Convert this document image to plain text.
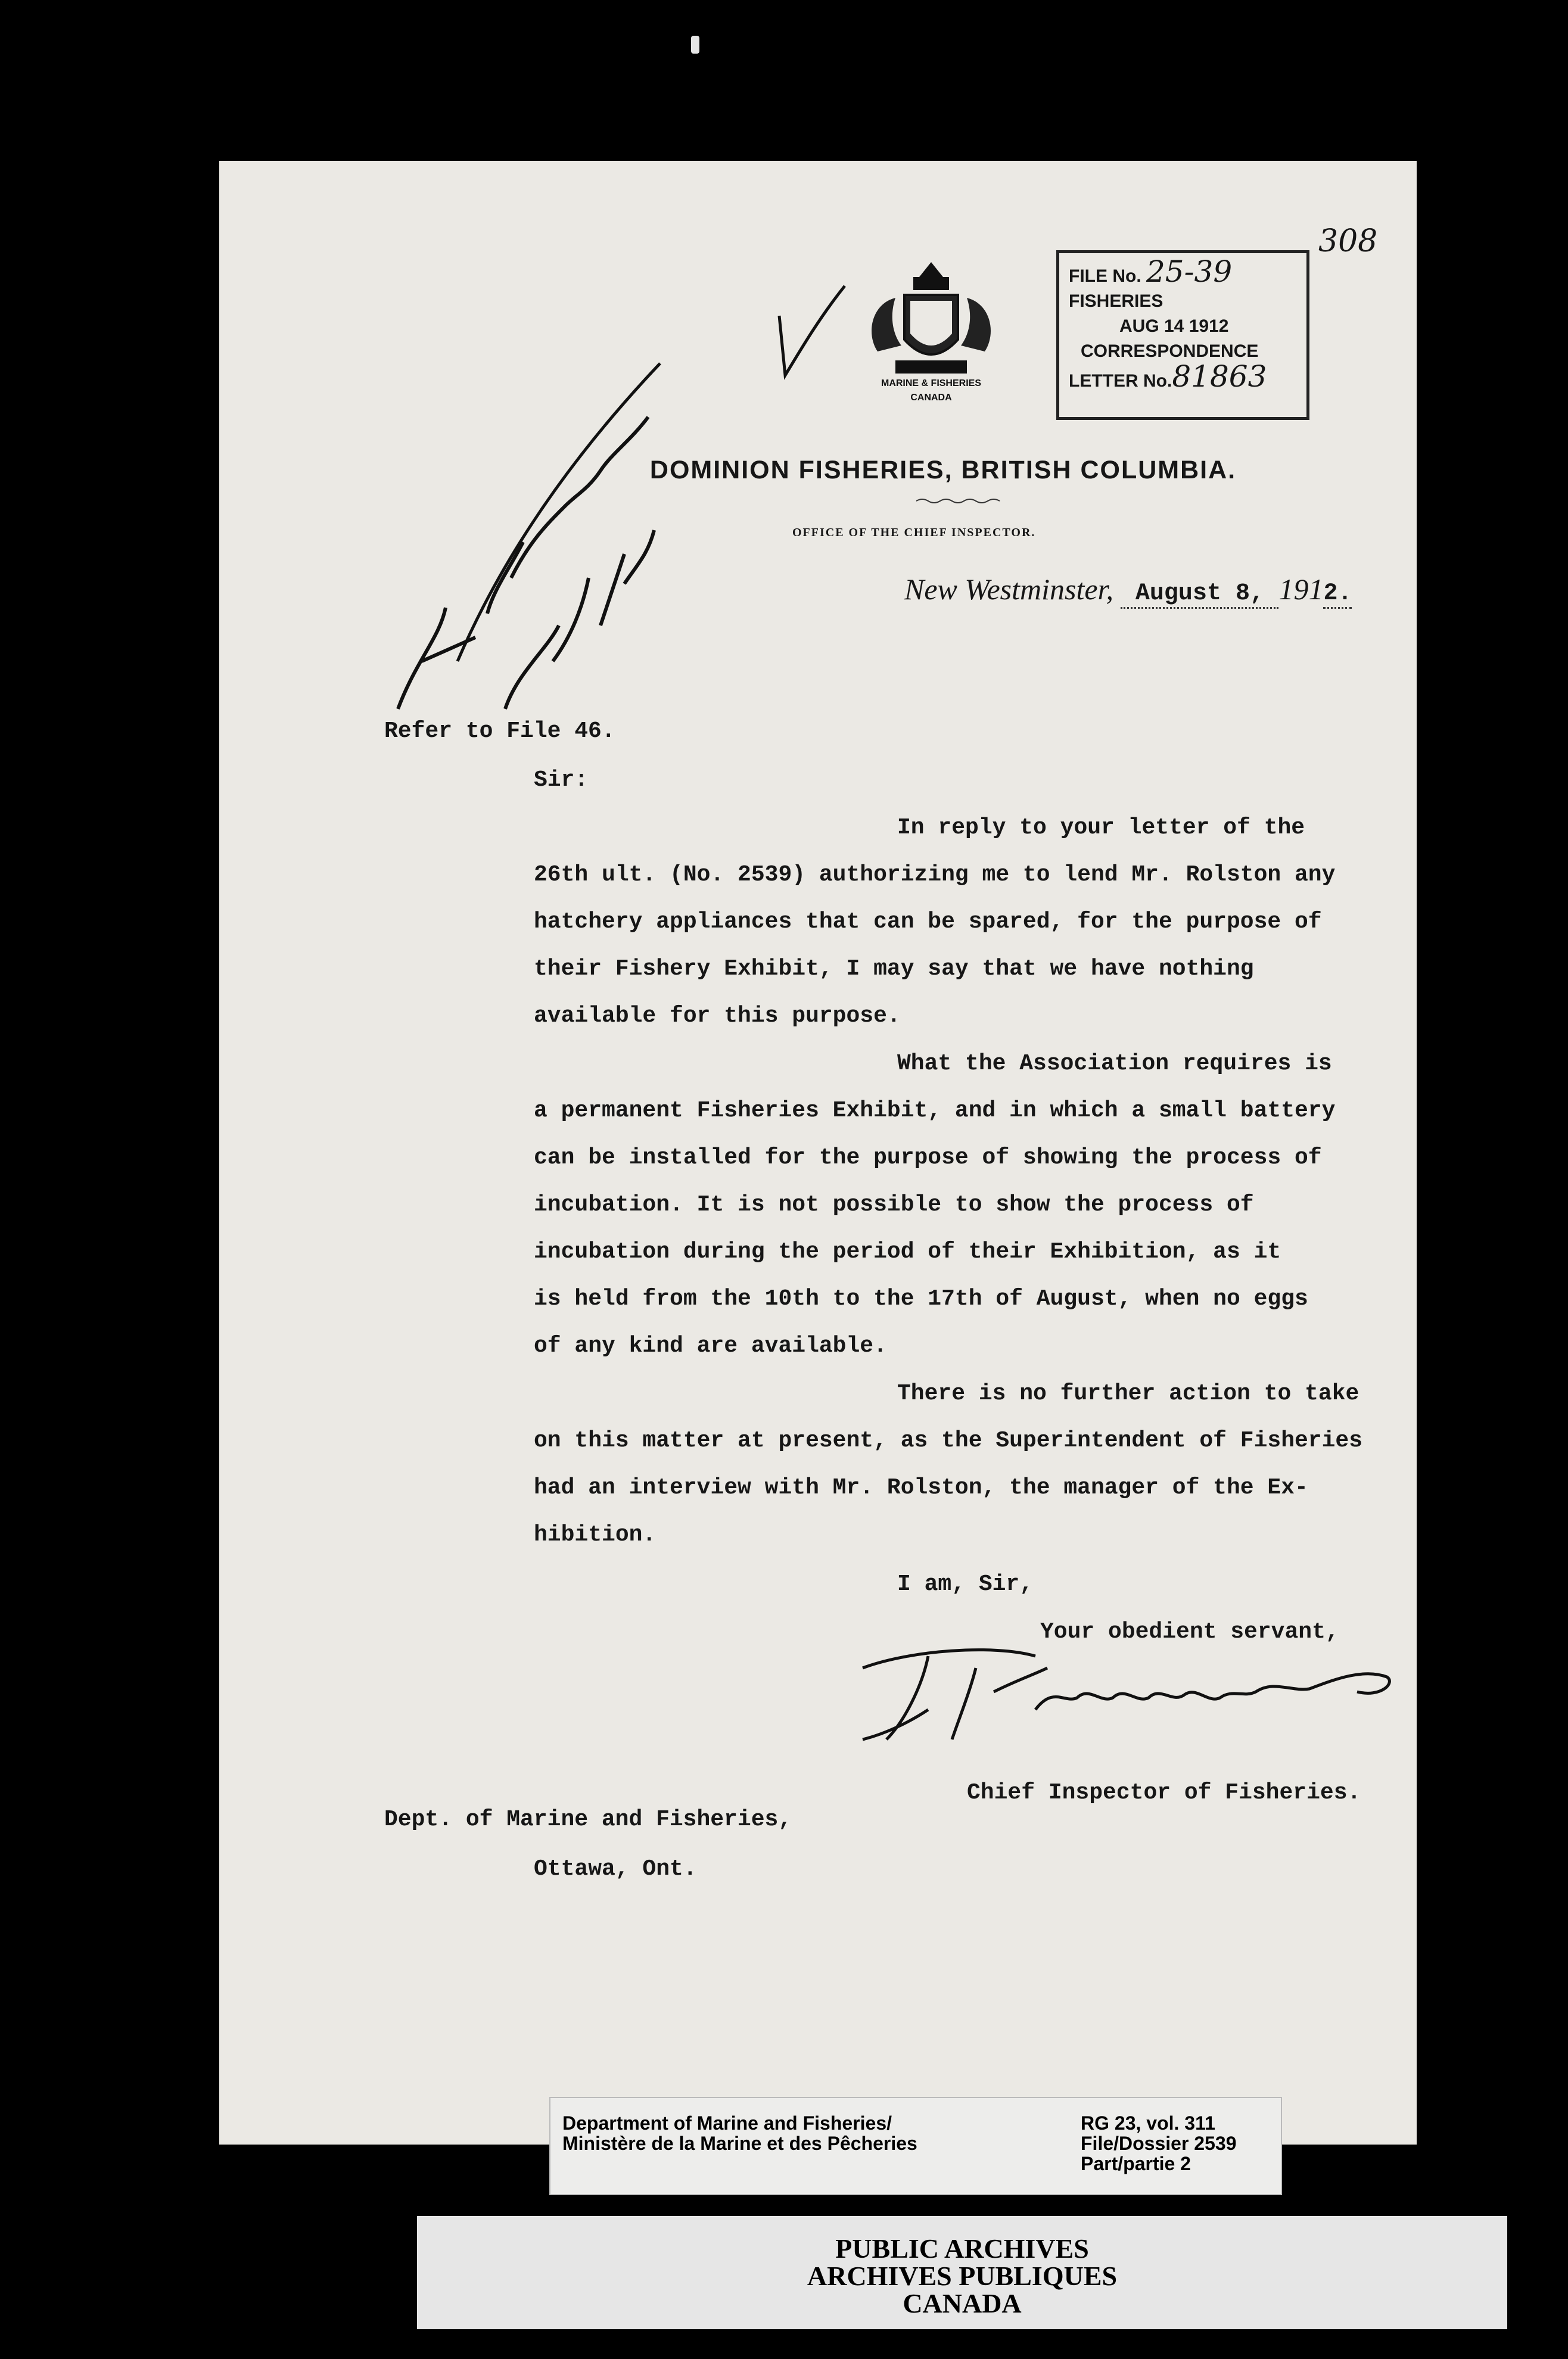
File Aug 15 12
MARINE & FISHERIES
CANADA
FILE No. 25-39
FISHERIES
AUG 14 1912
CORRESPONDENCE
LETTER No.81863
308
DOMINION FISHERIES, BRITISH COLUMBIA.
OFFICE OF THE CHIEF INSPECTOR.
New Westminster, August 8, 1912.
Refer to File 46.
Sir:
In reply to your letter of the
26th ult. (No. 2539) authorizing me to lend Mr. Rolston any
hatchery appliances that can be spared, for the purpose of
their Fishery Exhibit, I may say that we have nothing
available for this purpose.
What the Association requires is
a permanent Fisheries Exhibit, and in which a small battery
can be installed for the purpose of showing the process of
incubation. It is not possible to show the process of
incubation during the period of their Exhibition, as it
is held from the 10th to the 17th of August, when no eggs
of any kind are available.
There is no further action to take
on this matter at present, as the Superintendent of Fisheries
had an interview with Mr. Rolston, the manager of the Ex-
hibition.
I am, Sir,
Your obedient servant,
Chief Inspector of Fisheries.
Dept. of Marine and Fisheries,
Ottawa, Ont.
F.H. Cunningham
Department of Marine and Fisheries/
Ministère de la Marine et des Pêcheries
RG 23, vol. 311
File/Dossier 2539
Part/partie 2
PUBLIC ARCHIVES
ARCHIVES PUBLIQUES
CANADA
